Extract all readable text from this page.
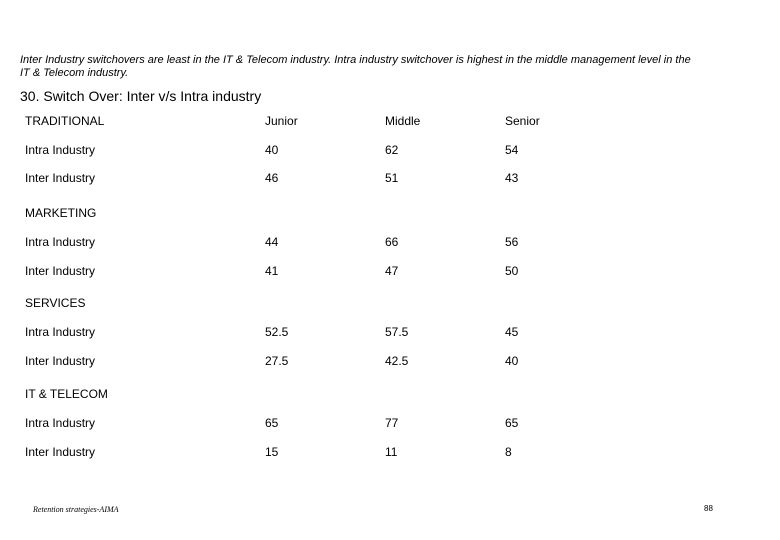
Inter Industry switchovers are least in the IT & Telecom industry. Intra industry switchover is highest in the middle management level in the IT & Telecom industry.
30. Switch Over: Inter v/s Intra industry
TRADITIONAL	Junior	Middle	Senior
Intra Industry	40	62	54
Inter Industry	46	51	43
MARKETING
Intra Industry	44	66	56
Inter Industry	41	47	50
SERVICES
Intra Industry	52.5	57.5	45
Inter Industry	27.5	42.5	40
IT & TELECOM
Intra Industry	65	77	65
Inter Industry	15	11	8
Retention strategies-AIMA	88
